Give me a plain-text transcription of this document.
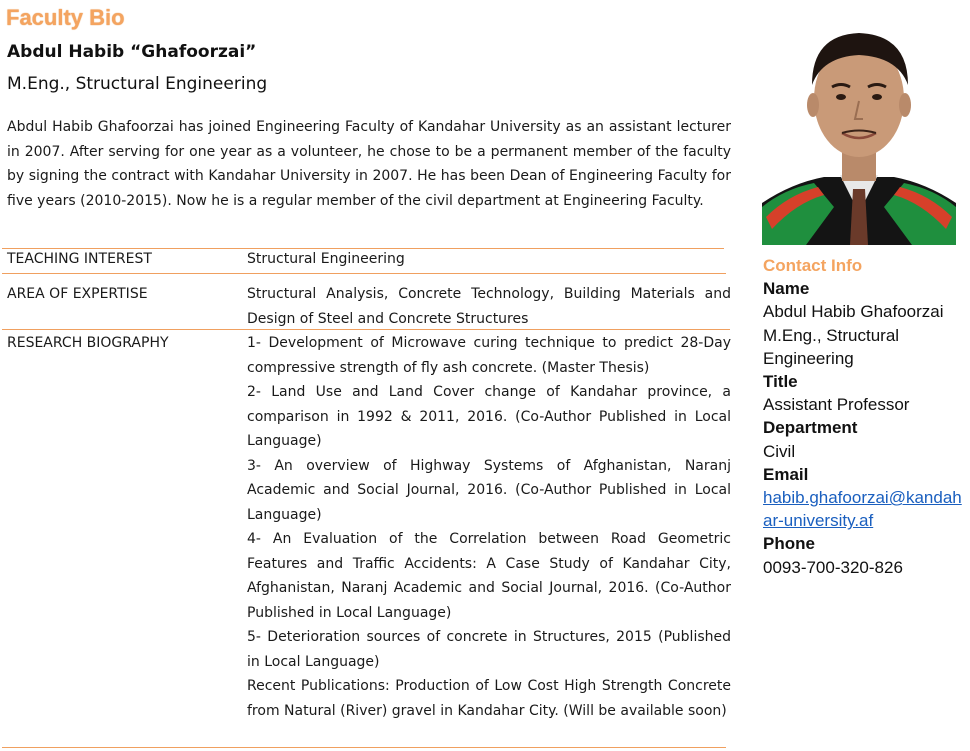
Faculty Bio
Abdul Habib “Ghafoorzai”
M.Eng., Structural Engineering

Abdul Habib Ghafoorzai has joined Engineering Faculty of Kandahar University as an assistant lecturer in 2007. After serving for one year as a volunteer, he chose to be a permanent member of the faculty by signing the contract with Kandahar University in 2007. He has been Dean of Engineering Faculty for five years (2010-2015). Now he is a regular member of the civil department at Engineering Faculty.

TEACHING INTEREST	Structural Engineering
AREA OF EXPERTISE	Structural Analysis, Concrete Technology, Building Materials and Design of Steel and Concrete Structures
RESEARCH BIOGRAPHY	1- Development of Microwave curing technique to predict 28-Day compressive strength of fly ash concrete. (Master Thesis)

2- Land Use and Land Cover change of Kandahar province, a comparison in 1992 & 2011, 2016. (Co-Author Published in Local Language)

3- An overview of Highway Systems of Afghanistan, Naranj Academic and Social Journal, 2016. (Co-Author Published in Local Language)

4- An Evaluation of the Correlation between Road Geometric Features and Traffic Accidents: A Case Study of Kandahar City, Afghanistan, Naranj Academic and Social Journal, 2016. (Co-Author Published in Local Language)

5- Deterioration sources of concrete in Structures, 2015 (Published in Local Language)

Recent Publications: Production of Low Cost High Strength Concrete from Natural (River) gravel in Kandahar City. (Will be available soon)

Contact Info
Name
Abdul Habib Ghafoorzai
M.Eng., Structural
Engineering
Title
Assistant Professor
Department
Civil
Email
habib.ghafoorzai@kandahar-university.af
Phone
0093-700-320-826
